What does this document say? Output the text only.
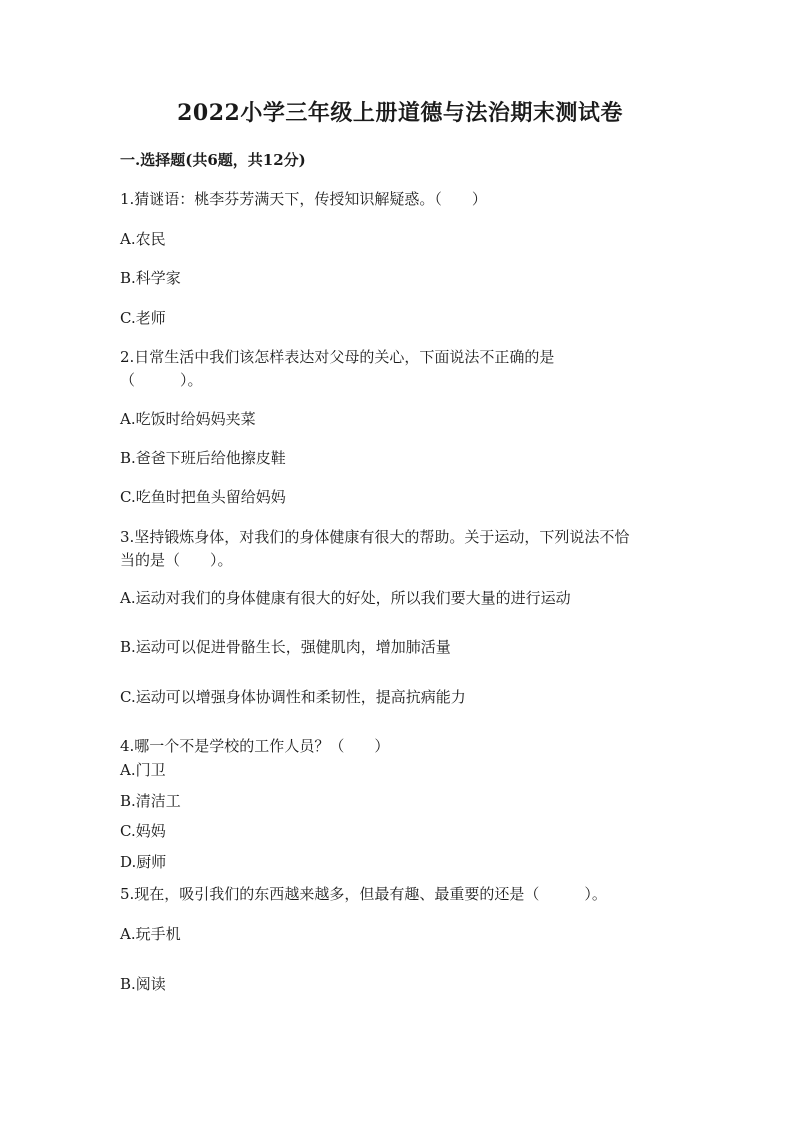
2022小学三年级上册道德与法治期末测试卷

一.选择题(共6题，共12分)

1.猜谜语：桃李芬芳满天下，传授知识解疑惑。（　　）

A.农民

B.科学家

C.老师

2.日常生活中我们该怎样表达对父母的关心，下面说法不正确的是

（　　　）。

A.吃饭时给妈妈夹菜

B.爸爸下班后给他擦皮鞋

C.吃鱼时把鱼头留给妈妈

3.坚持锻炼身体，对我们的身体健康有很大的帮助。关于运动，下列说法不恰

当的是（　　）。

A.运动对我们的身体健康有很大的好处，所以我们要大量的进行运动

B.运动可以促进骨骼生长，强健肌肉，增加肺活量

C.运动可以增强身体协调性和柔韧性，提高抗病能力

4.哪一个不是学校的工作人员？（　　）

A.门卫

B.清洁工

C.妈妈

D.厨师

5.现在，吸引我们的东西越来越多，但最有趣、最重要的还是（　　　）。

A.玩手机

B.阅读
